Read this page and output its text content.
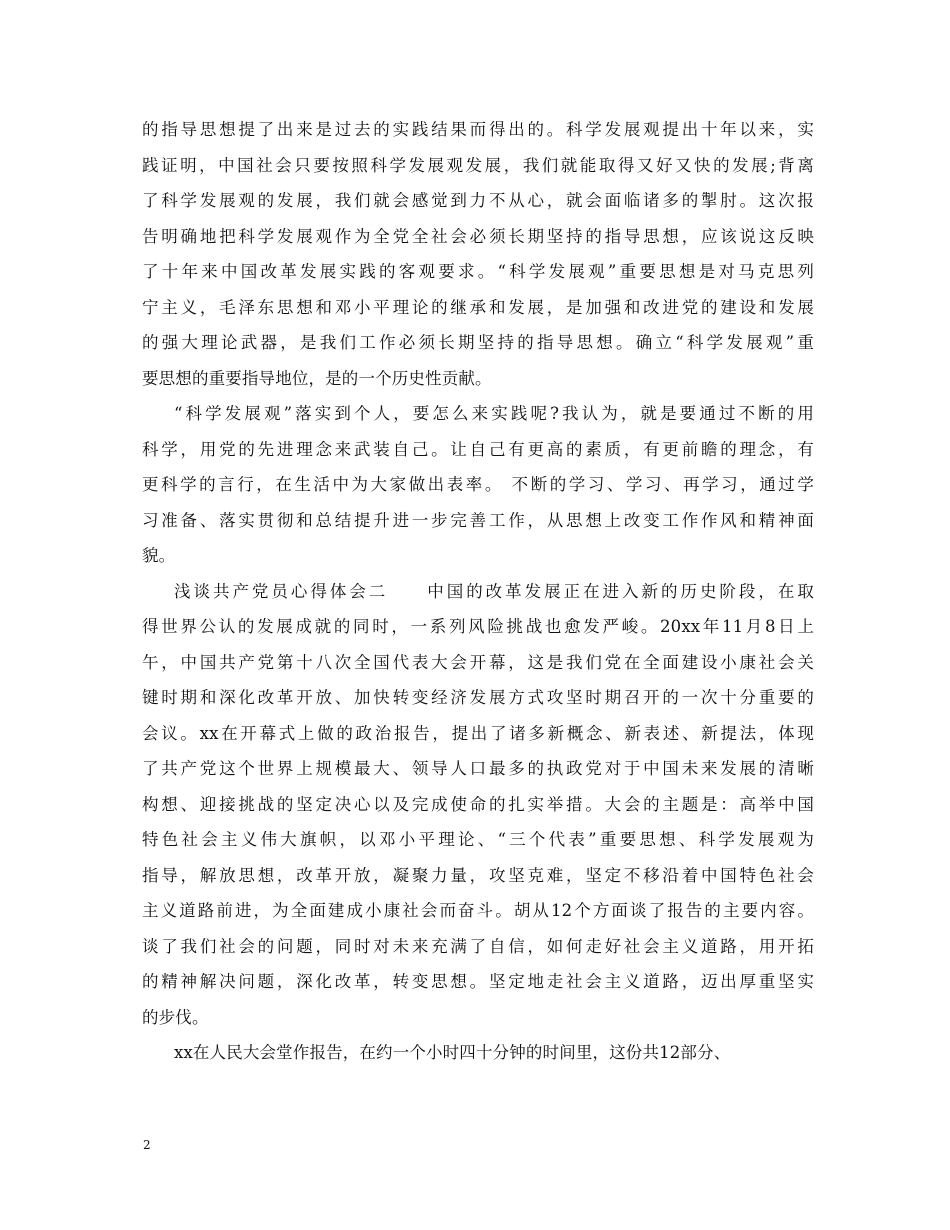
的指导思想提了出来是过去的实践结果而得出的。科学发展观提出十年以来，实
践证明，中国社会只要按照科学发展观发展，我们就能取得又好又快的发展;背离
了科学发展观的发展，我们就会感觉到力不从心，就会面临诸多的掣肘。这次报
告明确地把科学发展观作为全党全社会必须长期坚持的指导思想，应该说这反映
了十年来中国改革发展实践的客观要求。“科学发展观”重要思想是对马克思列
宁主义，毛泽东思想和邓小平理论的继承和发展，是加强和改进党的建设和发展
的强大理论武器，是我们工作必须长期坚持的指导思想。确立“科学发展观”重
要思想的重要指导地位，是的一个历史性贡献。
“科学发展观”落实到个人，要怎么来实践呢?我认为，就是要通过不断的用
科学，用党的先进理念来武装自己。让自己有更高的素质，有更前瞻的理念，有
更科学的言行，在生活中为大家做出表率。 不断的学习、学习、再学习，通过学
习准备、落实贯彻和总结提升进一步完善工作，从思想上改变工作作风和精神面
貌。
浅谈共产党员心得体会二　　中国的改革发展正在进入新的历史阶段，在取
得世界公认的发展成就的同时，一系列风险挑战也愈发严峻。20xx年11月8日上
午，中国共产党第十八次全国代表大会开幕，这是我们党在全面建设小康社会关
键时期和深化改革开放、加快转变经济发展方式攻坚时期召开的一次十分重要的
会议。xx在开幕式上做的政治报告，提出了诸多新概念、新表述、新提法，体现
了共产党这个世界上规模最大、领导人口最多的执政党对于中国未来发展的清晰
构想、迎接挑战的坚定决心以及完成使命的扎实举措。大会的主题是：高举中国
特色社会主义伟大旗帜，以邓小平理论、“三个代表”重要思想、科学发展观为
指导，解放思想，改革开放，凝聚力量，攻坚克难，坚定不移沿着中国特色社会
主义道路前进，为全面建成小康社会而奋斗。胡从12个方面谈了报告的主要内容。
谈了我们社会的问题，同时对未来充满了自信，如何走好社会主义道路，用开拓
的精神解决问题，深化改革，转变思想。坚定地走社会主义道路，迈出厚重坚实
的步伐。
xx在人民大会堂作报告，在约一个小时四十分钟的时间里，这份共12部分、
2
